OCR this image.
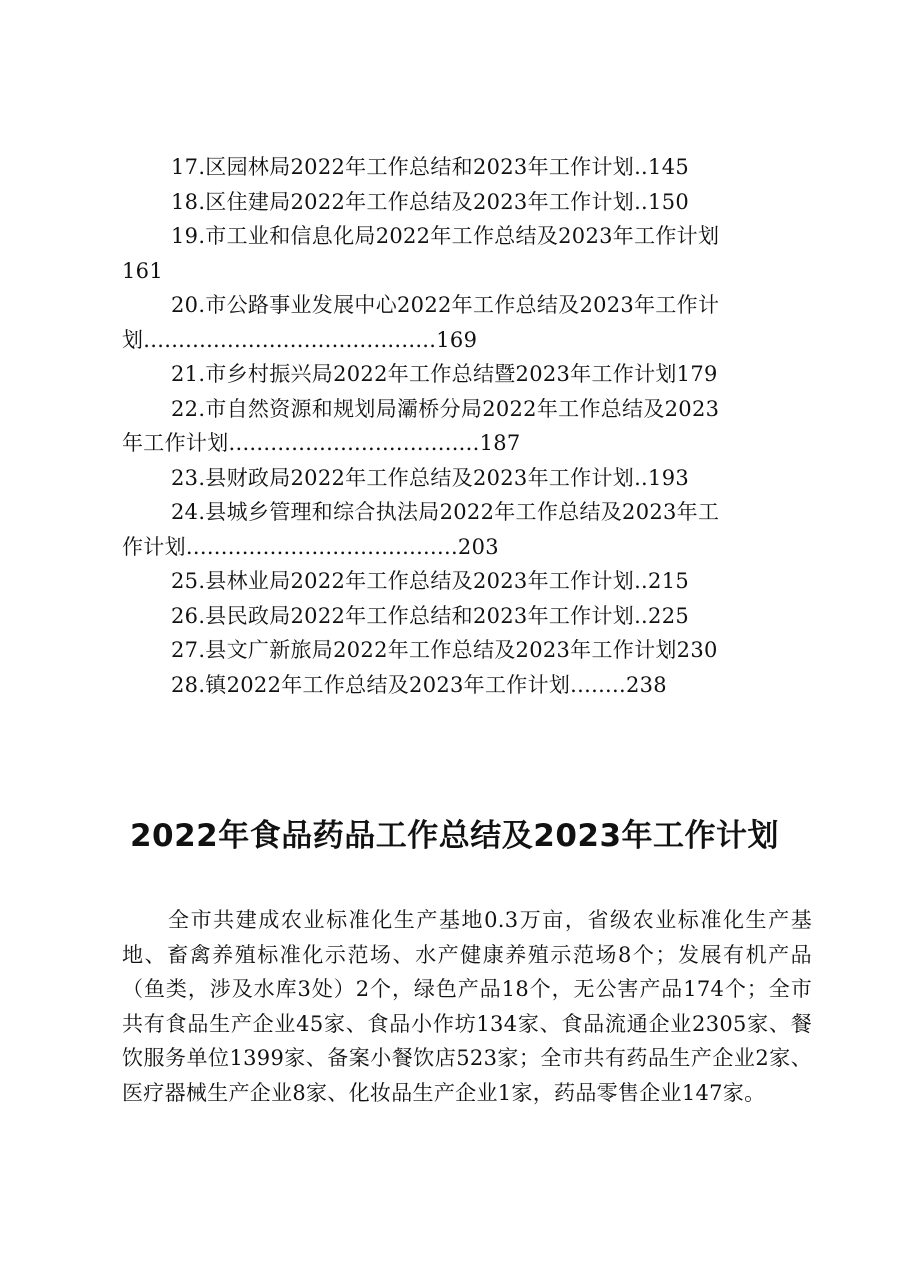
17.区园林局2022年工作总结和2023年工作计划..145
18.区住建局2022年工作总结及2023年工作计划..150
19.市工业和信息化局2022年工作总结及2023年工作计划
161
20.市公路事业发展中心2022年工作总结及2023年工作计
划..........................................169
21.市乡村振兴局2022年工作总结暨2023年工作计划179
22.市自然资源和规划局灞桥分局2022年工作总结及2023
年工作计划....................................187
23.县财政局2022年工作总结及2023年工作计划..193
24.县城乡管理和综合执法局2022年工作总结及2023年工
作计划.......................................203
25.县林业局2022年工作总结及2023年工作计划..215
26.县民政局2022年工作总结和2023年工作计划..225
27.县文广新旅局2022年工作总结及2023年工作计划230
28.镇2022年工作总结及2023年工作计划........238
2022年食品药品工作总结及2023年工作计划

全市共建成农业标准化生产基地0.3万亩，省级农业标准化生产基地、畜禽养殖标准化示范场、水产健康养殖示范场8个；发展有机产品（鱼类，涉及水库3处）2个，绿色产品18个，无公害产品174个；全市共有食品生产企业45家、食品小作坊134家、食品流通企业2305家、餐饮服务单位1399家、备案小餐饮店523家；全市共有药品生产企业2家、医疗器械生产企业8家、化妆品生产企业1家，药品零售企业147家。
